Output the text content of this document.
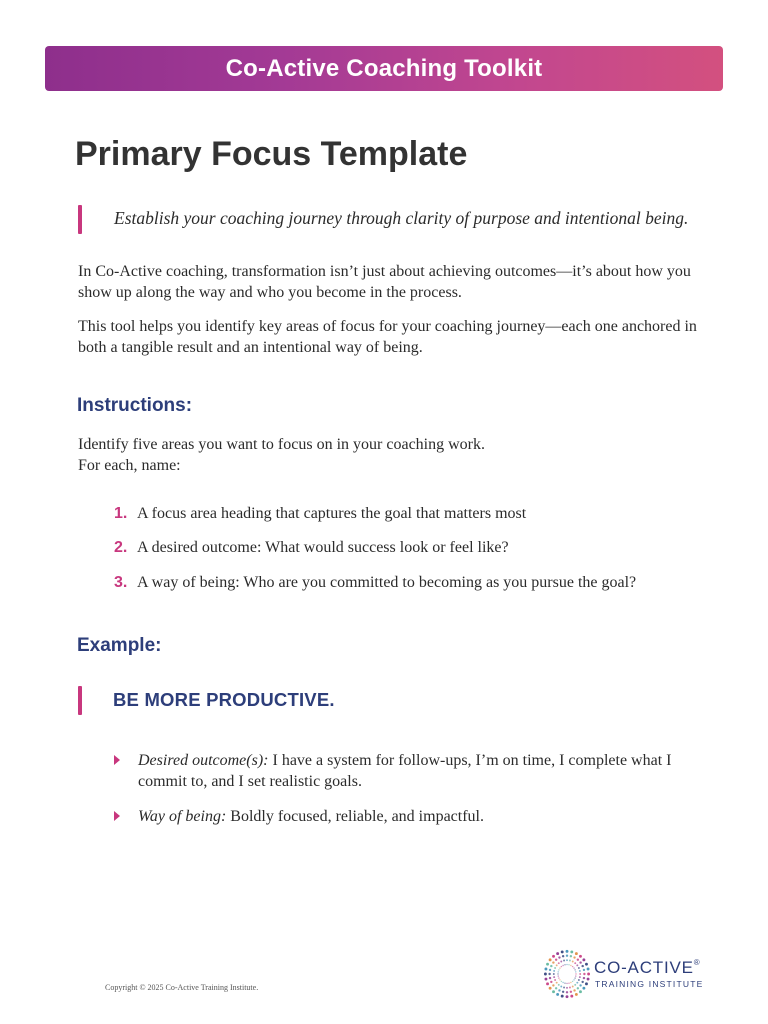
Co-Active Coaching Toolkit
Primary Focus Template
Establish your coaching journey through clarity of purpose and intentional being.
In Co-Active coaching, transformation isn’t just about achieving outcomes—it’s about how you show up along the way and who you become in the process.
This tool helps you identify key areas of focus for your coaching journey—each one anchored in both a tangible result and an intentional way of being.
Instructions:
Identify five areas you want to focus on in your coaching work.
For each, name:
1. A focus area heading that captures the goal that matters most
2. A desired outcome: What would success look or feel like?
3. A way of being: Who are you committed to becoming as you pursue the goal?
Example:
BE MORE PRODUCTIVE.
Desired outcome(s): I have a system for follow-ups, I’m on time, I complete what I commit to, and I set realistic goals.
Way of being: Boldly focused, reliable, and impactful.
Copyright © 2025 Co-Active Training Institute.
CO-ACTIVE®
TRAINING INSTITUTE
